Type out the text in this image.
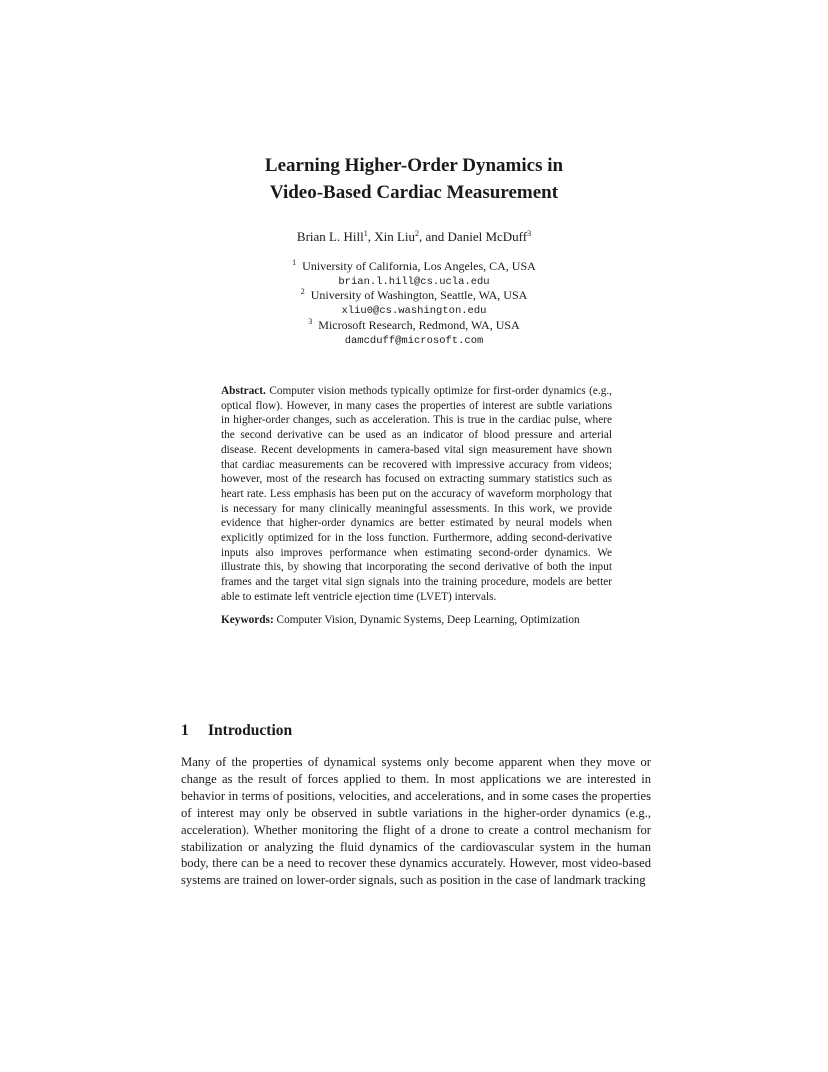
Learning Higher-Order Dynamics in
Video-Based Cardiac Measurement
Brian L. Hill$^1$, Xin Liu$^2$, and Daniel McDuff$^3$
$^1$ University of California, Los Angeles, CA, USA
brian.l.hill@cs.ucla.edu
$^2$ University of Washington, Seattle, WA, USA
xliu0@cs.washington.edu
$^3$ Microsoft Research, Redmond, WA, USA
damcduff@microsoft.com

Abstract. Computer vision methods typically optimize for first-order dynamics (e.g., optical flow). However, in many cases the properties of interest are subtle variations in higher-order changes, such as acceleration. This is true in the cardiac pulse, where the second derivative can be used as an indicator of blood pressure and arterial disease. Recent developments in camera-based vital sign measurement have shown that cardiac measurements can be recovered with impressive accuracy from videos; however, most of the research has focused on extracting summary statistics such as heart rate. Less emphasis has been put on the accuracy of waveform morphology that is necessary for many clinically meaningful assessments. In this work, we provide evidence that higher-order dynamics are better estimated by neural models when explicitly optimized for in the loss function. Furthermore, adding second-derivative inputs also improves performance when estimating second-order dynamics. We illustrate this, by showing that incorporating the second derivative of both the input frames and the target vital sign signals into the training procedure, models are better able to estimate left ventricle ejection time (LVET) intervals.

Keywords: Computer Vision, Dynamic Systems, Deep Learning, Optimization

1 Introduction

Many of the properties of dynamical systems only become apparent when they move or change as the result of forces applied to them. In most applications we are interested in behavior in terms of positions, velocities, and accelerations, and in some cases the properties of interest may only be observed in subtle variations in the higher-order dynamics (e.g., acceleration). Whether monitoring the flight of a drone to create a control mechanism for stabilization or analyzing the fluid dynamics of the cardiovascular system in the human body, there can be a need to recover these dynamics accurately. However, most video-based systems are trained on lower-order signals, such as position in the case of landmark tracking
